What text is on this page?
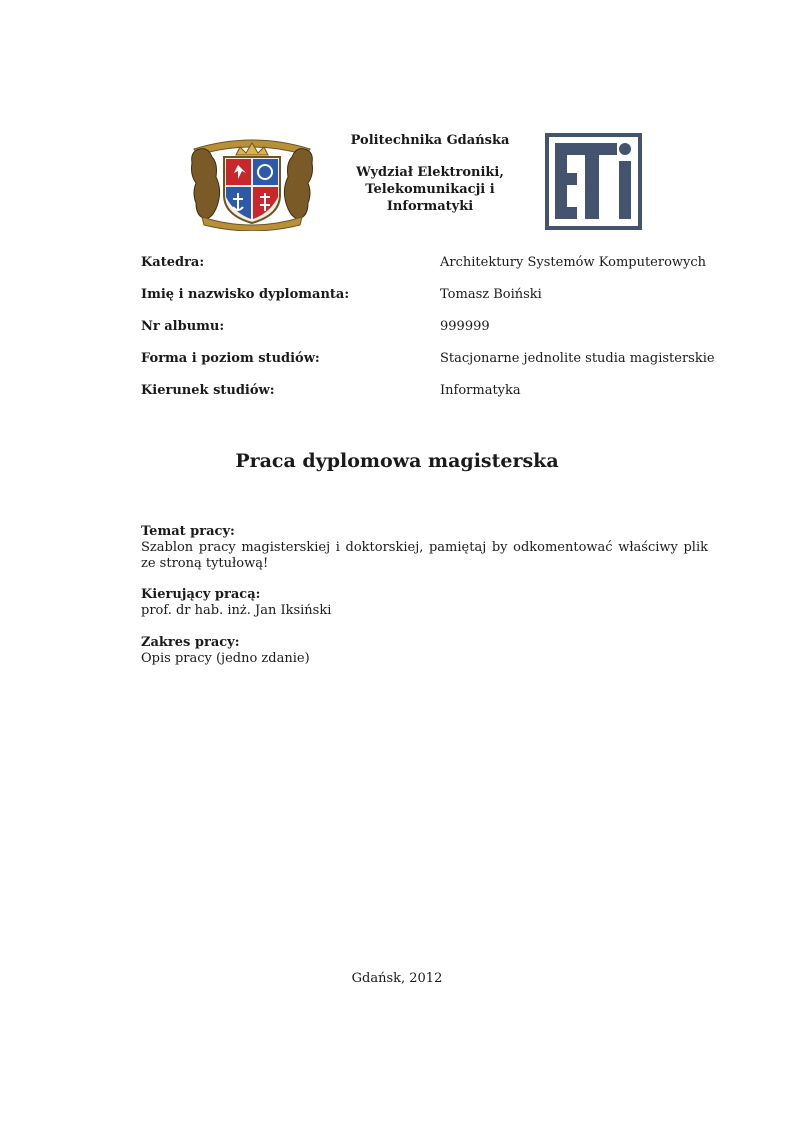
Politechnika Gdańska
Wydział Elektroniki,
Telekomunikacji i Informatyki
Katedra:	Architektury Systemów Komputerowych
Imię i nazwisko dyplomanta:	Tomasz Boiński
Nr albumu:	999999
Forma i poziom studiów:	Stacjonarne jednolite studia magisterskie
Kierunek studiów:	Informatyka
Praca dyplomowa magisterska
Temat pracy:
Szablon pracy magisterskiej i doktorskiej, pamiętaj by odkomentować właściwy plik ze stroną tytułową!
Kierujący pracą:
prof. dr hab. inż. Jan Iksiński
Zakres pracy:
Opis pracy (jedno zdanie)
Gdańsk, 2012
